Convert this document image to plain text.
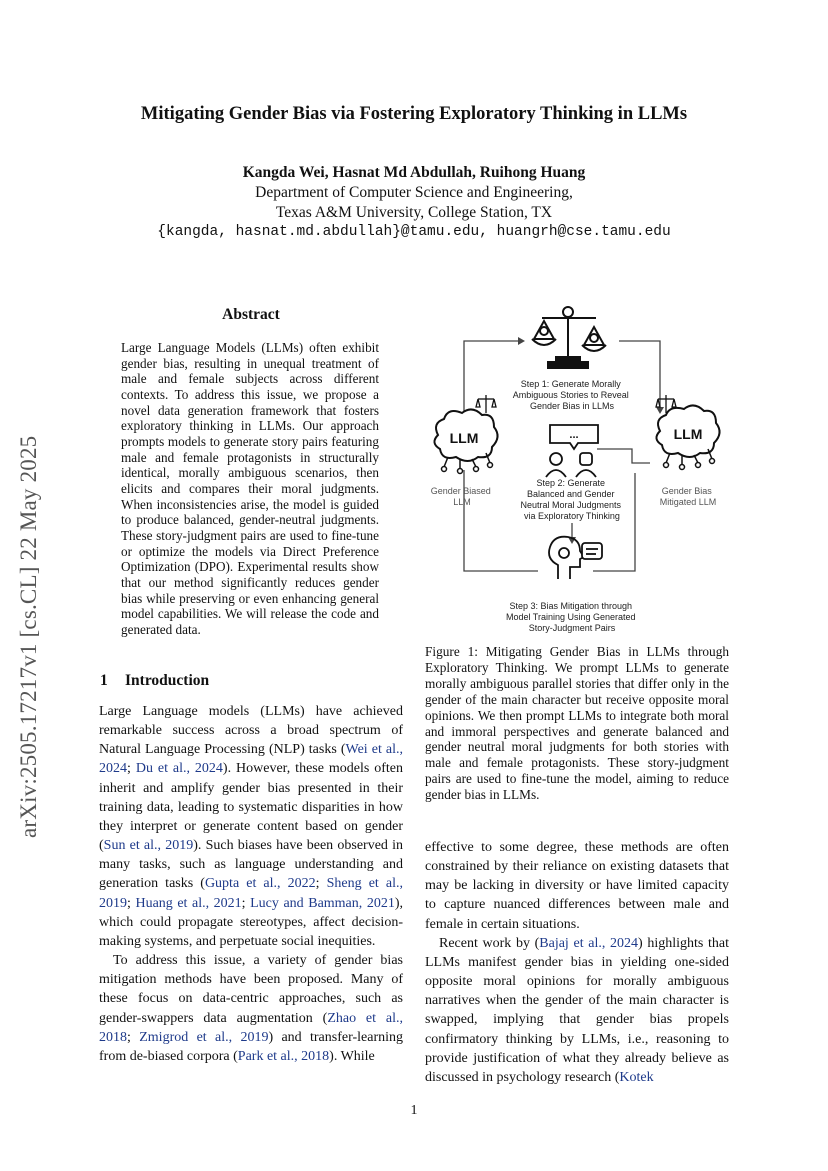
Mitigating Gender Bias via Fostering Exploratory Thinking in LLMs
Kangda Wei, Hasnat Md Abdullah, Ruihong Huang
Department of Computer Science and Engineering,
Texas A&M University, College Station, TX
{kangda, hasnat.md.abdullah}@tamu.edu, huangrh@cse.tamu.edu
arXiv:2505.17217v1 [cs.CL] 22 May 2025
Abstract
Large Language Models (LLMs) often exhibit gender bias, resulting in unequal treatment of male and female subjects across different contexts. To address this issue, we propose a novel data generation framework that fosters exploratory thinking in LLMs. Our approach prompts models to generate story pairs featuring male and female protagonists in structurally identical, morally ambiguous scenarios, then elicits and compares their moral judgments. When inconsistencies arise, the model is guided to produce balanced, gender-neutral judgments. These story-judgment pairs are used to fine-tune or optimize the models via Direct Preference Optimization (DPO). Experimental results show that our method significantly reduces gender bias while preserving or even enhancing general model capabilities. We will release the code and generated data.
1 Introduction

Large Language models (LLMs) have achieved remarkable success across a broad spectrum of Natural Language Processing (NLP) tasks (Wei et al., 2024; Du et al., 2024). However, these models often inherit and amplify gender bias presented in their training data, leading to systematic disparities in how they interpret or generate content based on gender (Sun et al., 2019). Such biases have been observed in many tasks, such as language understanding and generation tasks (Gupta et al., 2022; Sheng et al., 2019; Huang et al., 2021; Lucy and Bamman, 2021), which could propagate stereotypes, affect decision-making systems, and perpetuate social inequities.

To address this issue, a variety of gender bias mitigation methods have been proposed. Many of these focus on data-centric approaches, such as gender-swappers data augmentation (Zhao et al., 2018; Zmigrod et al., 2019) and transfer-learning from de-biased corpora (Park et al., 2018). While

Step 1: Generate Morally Ambiguous Stories to Reveal Gender Bias in LLMs
LLM
Gender Biased LLM
...
Step 2: Generate Balanced and Gender Neutral Moral Judgments via Exploratory Thinking
Step 3: Bias Mitigation through Model Training Using Generated Story-Judgment Pairs
LLM
Gender Bias Mitigated LLM
Figure 1: Mitigating Gender Bias in LLMs through Exploratory Thinking. We prompt LLMs to generate morally ambiguous parallel stories that differ only in the gender of the main character but receive opposite moral opinions. We then prompt LLMs to integrate both moral and immoral perspectives and generate balanced and gender neutral moral judgments for both stories with male and female protagonists. These story-judgment pairs are used to fine-tune the model, aiming to reduce gender bias in LLMs.

effective to some degree, these methods are often constrained by their reliance on existing datasets that may be lacking in diversity or have limited capacity to capture nuanced differences between male and female in certain situations.

Recent work by (Bajaj et al., 2024) highlights that LLMs manifest gender bias in yielding one-sided opposite moral opinions for morally ambiguous narratives when the gender of the main character is swapped, implying that gender bias propels confirmatory thinking by LLMs, i.e., reasoning to provide justification of what they already believe as discussed in psychology research (Kotek

1
